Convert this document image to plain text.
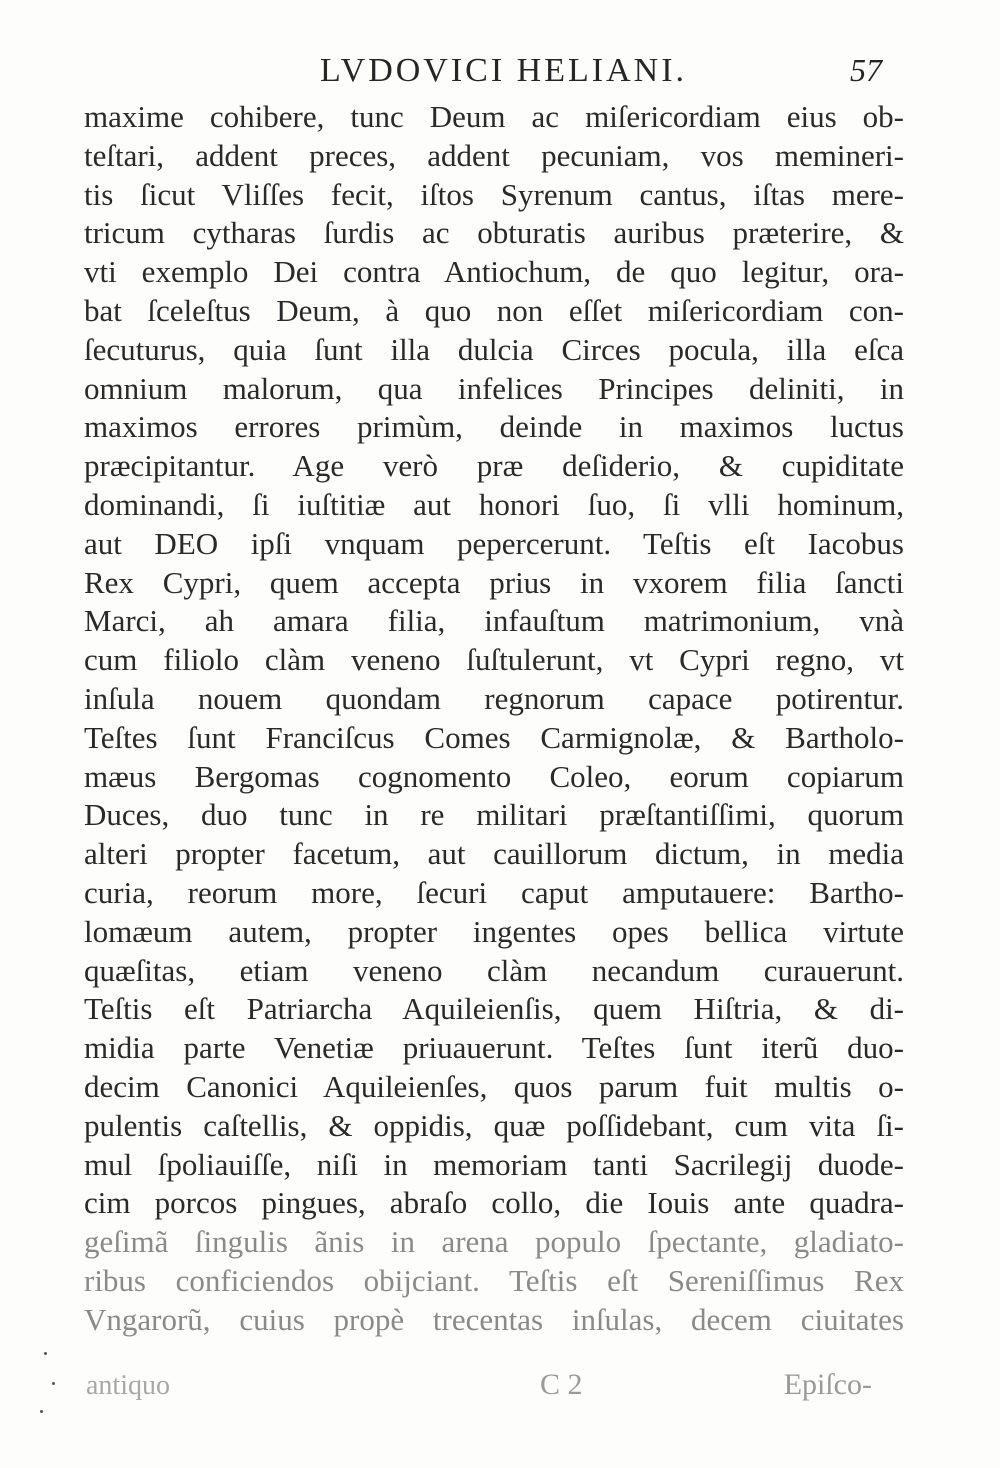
LVDOVICI HELIANI.	57
maxime cohibere, tunc Deum ac miſericordiam eius ob-
teſtari, addent preces, addent pecuniam, vos memineri-
tis ſicut Vliſſes fecit, iſtos Syrenum cantus, iſtas mere-
tricum cytharas ſurdis ac obturatis auribus præterire, &
vti exemplo Dei contra Antiochum, de quo legitur, ora-
bat ſceleſtus Deum, à quo non eſſet miſericordiam con-
ſecuturus, quia ſunt illa dulcia Circes pocula, illa eſca
omnium malorum, qua infelices Principes deliniti, in
maximos errores primùm, deinde in maximos luctus
præcipitantur. Age verò præ deſiderio, & cupiditate
dominandi, ſi iuſtitiæ aut honori ſuo, ſi vlli hominum,
aut DEO ipſi vnquam pepercerunt. Teſtis eſt Iacobus
Rex Cypri, quem accepta prius in vxorem filia ſancti
Marci, ah amara filia, infauſtum matrimonium, vnà
cum filiolo clàm veneno ſuſtulerunt, vt Cypri regno, vt
inſula nouem quondam regnorum capace potirentur.
Teſtes ſunt Franciſcus Comes Carmignolæ, & Bartholo-
mæus Bergomas cognomento Coleo, eorum copiarum
Duces, duo tunc in re militari præſtantiſſimi, quorum
alteri propter facetum, aut cauillorum dictum, in media
curia, reorum more, ſecuri caput amputauere: Bartho-
lomæum autem, propter ingentes opes bellica virtute
quæſitas, etiam veneno clàm necandum curauerunt.
Teſtis eſt Patriarcha Aquileienſis, quem Hiſtria, & di-
midia parte Venetiæ priuauerunt. Teſtes ſunt iterũ duo-
decim Canonici Aquileienſes, quos parum fuit multis o-
pulentis caſtellis, & oppidis, quæ poſſidebant, cum vita ſi-
mul ſpoliauiſſe, niſi in memoriam tanti Sacrilegij duode-
cim porcos pingues, abraſo collo, die Iouis ante quadra-
geſimã ſingulis ãnis in arena populo ſpectante, gladiato-
ribus conficiendos obijciant. Teſtis eſt Sereniſſimus Rex
Vngarorũ, cuius propè trecentas inſulas, decem ciuitates
antiquo	C 2	Epiſco-
